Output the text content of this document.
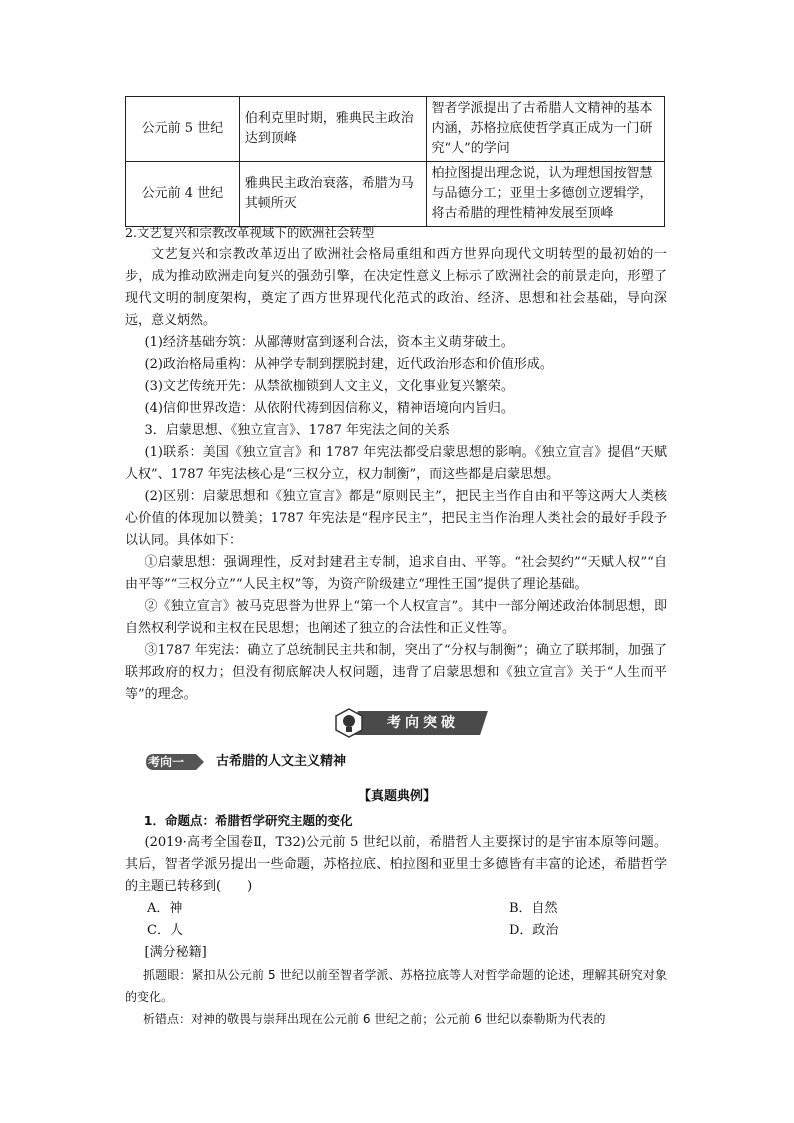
公元前 5 世纪	伯利克里时期，雅典民主政治达到顶峰	智者学派提出了古希腊人文精神的基本内涵，苏格拉底使哲学真正成为一门研究“人”的学问
公元前 4 世纪	雅典民主政治衰落，希腊为马其顿所灭	柏拉图提出理念说，认为理想国按智慧与品德分工；亚里士多德创立逻辑学，将古希腊的理性精神发展至顶峰

2.文艺复兴和宗教改革视域下的欧洲社会转型

文艺复兴和宗教改革迈出了欧洲社会格局重组和西方世界向现代文明转型的最初始的一步，成为推动欧洲走向复兴的强劲引擎，在决定性意义上标示了欧洲社会的前景走向，形塑了现代文明的制度架构，奠定了西方世界现代化范式的政治、经济、思想和社会基础，导向深远，意义炳然。

(1)经济基础夯筑：从鄙薄财富到逐利合法，资本主义萌芽破土。

(2)政治格局重构：从神学专制到摆脱封建，近代政治形态和价值形成。

(3)文艺传统开先：从禁欲枷锁到人文主义，文化事业复兴繁荣。

(4)信仰世界改造：从依附代祷到因信称义，精神语境向内旨归。

3．启蒙思想、《独立宣言》、1787 年宪法之间的关系

(1)联系：美国《独立宣言》和 1787 年宪法都受启蒙思想的影响。《独立宣言》提倡“天赋人权”、1787 年宪法核心是“三权分立，权力制衡”，而这些都是启蒙思想。

(2)区别：启蒙思想和《独立宣言》都是“原则民主”，把民主当作自由和平等这两大人类核心价值的体现加以赞美；1787 年宪法是“程序民主”，把民主当作治理人类社会的最好手段予以认同。具体如下：

①启蒙思想：强调理性，反对封建君主专制，追求自由、平等。“社会契约”“天赋人权”“自由平等”“三权分立”“人民主权”等，为资产阶级建立“理性王国”提供了理论基础。

②《独立宣言》被马克思誉为世界上“第一个人权宣言”。其中一部分阐述政治体制思想，即自然权利学说和主权在民思想；也阐述了独立的合法性和正义性等。

③1787 年宪法：确立了总统制民主共和制，突出了“分权与制衡”；确立了联邦制，加强了联邦政府的权力；但没有彻底解决人权问题，违背了启蒙思想和《独立宣言》关于“人生而平等”的理念。

考向突破
考向一 古希腊的人文主义精神
【真题典例】

1．命题点：希腊哲学研究主题的变化

(2019·高考全国卷Ⅱ，T32)公元前 5 世纪以前，希腊哲人主要探讨的是宇宙本原等问题。其后，智者学派另提出一些命题，苏格拉底、柏拉图和亚里士多德皆有丰富的论述，希腊哲学的主题已转移到(　　)

A．神	B．自然
C．人	D．政治

[满分秘籍]

抓题眼：紧扣从公元前 5 世纪以前至智者学派、苏格拉底等人对哲学命题的论述，理解其研究对象的变化。

析错点：对神的敬畏与崇拜出现在公元前 6 世纪之前；公元前 6 世纪以泰勒斯为代表的
